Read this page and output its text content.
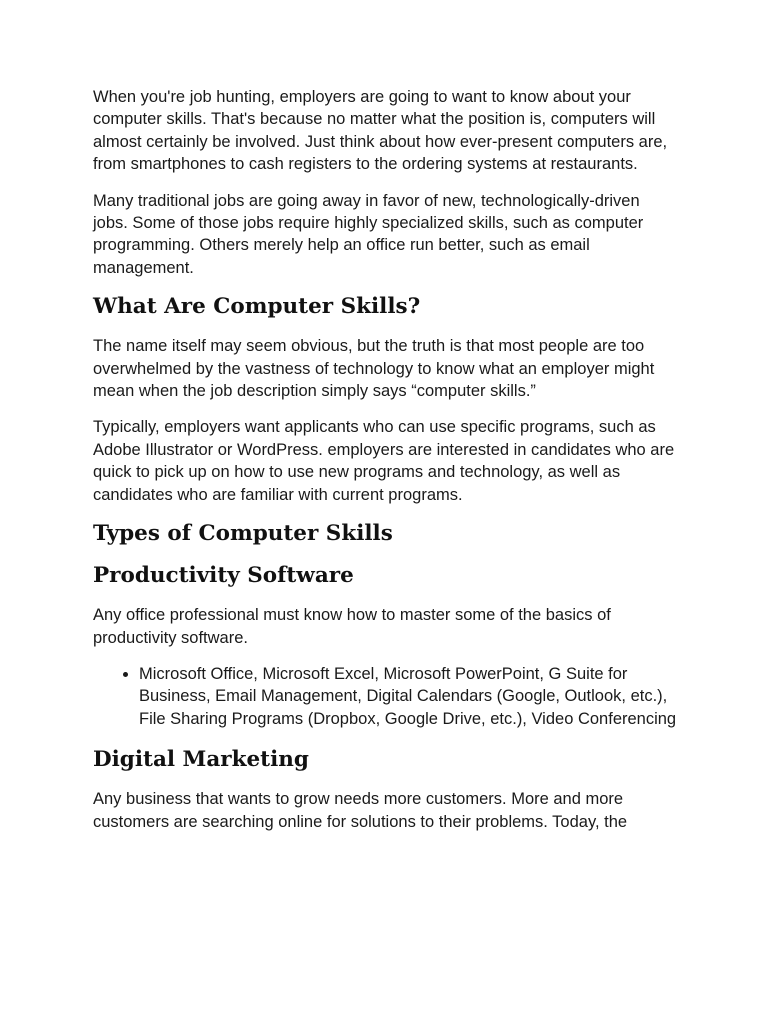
When you're job hunting, employers are going to want to know about your computer skills. That's because no matter what the position is, computers will almost certainly be involved. Just think about how ever-present computers are, from smartphones to cash registers to the ordering systems at restaurants.

Many traditional jobs are going away in favor of new, technologically-driven jobs. Some of those jobs require highly specialized skills, such as computer programming. Others merely help an office run better, such as email management.

What Are Computer Skills?

The name itself may seem obvious, but the truth is that most people are too overwhelmed by the vastness of technology to know what an employer might mean when the job description simply says “computer skills.”

Typically, employers want applicants who can use specific programs, such as Adobe Illustrator or WordPress. employers are interested in candidates who are quick to pick up on how to use new programs and technology, as well as candidates who are familiar with current programs.

Types of Computer Skills
Productivity Software

Any office professional must know how to master some of the basics of productivity software.

• Microsoft Office, Microsoft Excel, Microsoft PowerPoint, G Suite for Business, Email Management, Digital Calendars (Google, Outlook, etc.), File Sharing Programs (Dropbox, Google Drive, etc.), Video Conferencing
Digital Marketing

Any business that wants to grow needs more customers. More and more customers are searching online for solutions to their problems. Today, the
